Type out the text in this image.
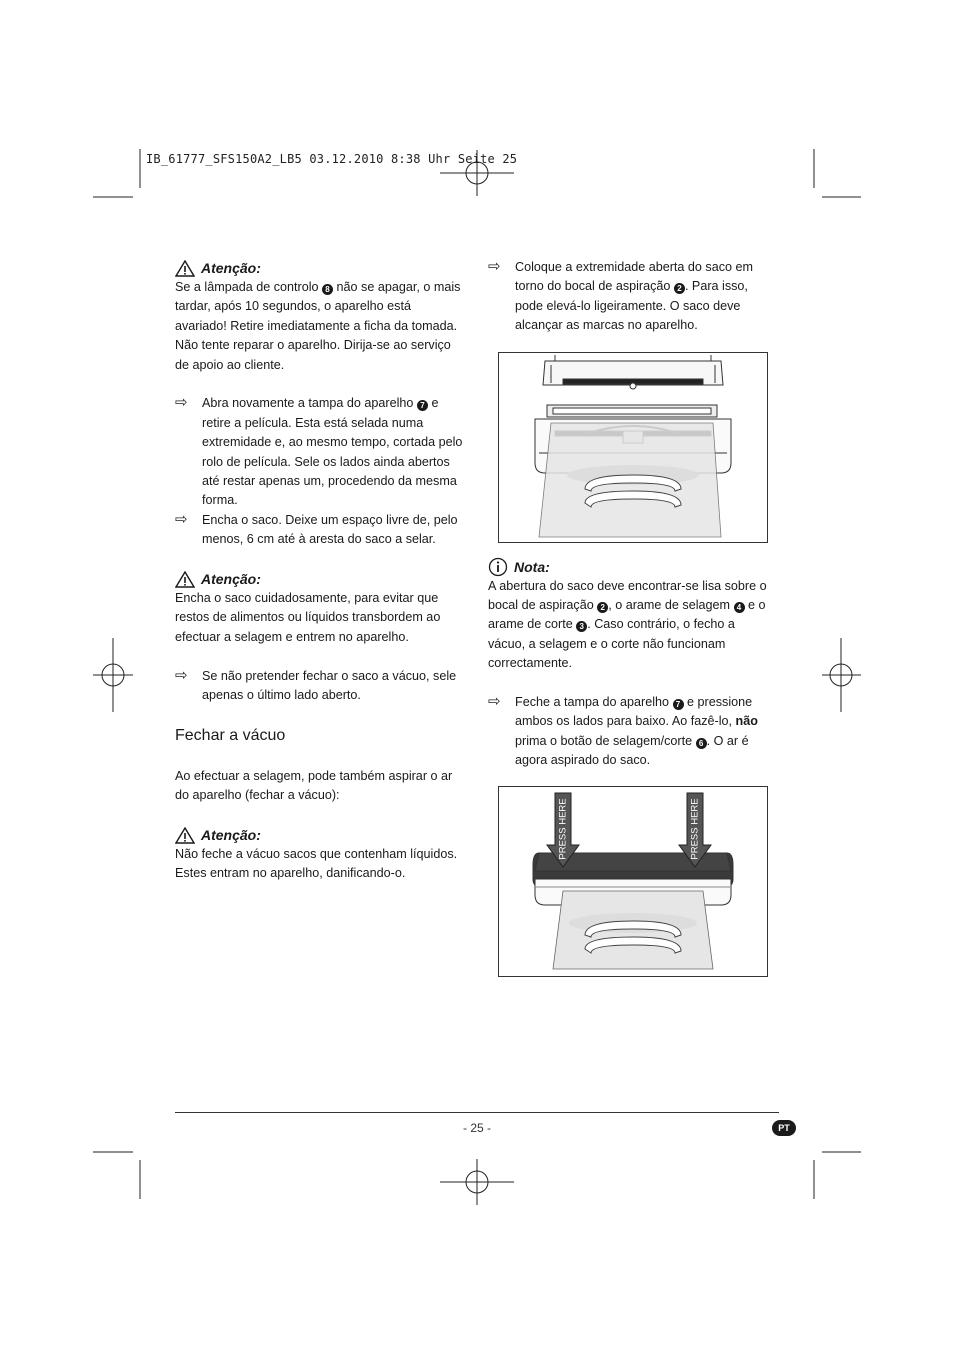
IB_61777_SFS150A2_LB5 03.12.2010 8:38 Uhr Seite 25
Atenção:

Se a lâmpada de controlo 8 não se apagar, o mais tardar, após 10 segundos, o aparelho está avariado! Retire imediatamente a ficha da tomada. Não tente reparar o aparelho. Dirija-se ao serviço de apoio ao cliente.

⇨	Abra novamente a tampa do aparelho 7 e retire a película. Esta está selada numa extremidade e, ao mesmo tempo, cortada pelo rolo de película. Sele os lados ainda abertos até restar apenas um, procedendo da mesma forma.

⇨	Encha o saco. Deixe um espaço livre de, pelo menos, 6 cm até à aresta do saco a selar.

Atenção:

Encha o saco cuidadosamente, para evitar que restos de alimentos ou líquidos transbordem ao efectuar a selagem e entrem no aparelho.

⇨	Se não pretender fechar o saco a vácuo, sele apenas o último lado aberto.

Fechar a vácuo

Ao efectuar a selagem, pode também aspirar o ar do aparelho (fechar a vácuo):

Atenção:

Não feche a vácuo sacos que contenham líquidos. Estes entram no aparelho, danificando-o.

⇨	Coloque a extremidade aberta do saco em torno do bocal de aspiração 2 . Para isso, pode elevá-lo ligeiramente. O saco deve alcançar as marcas no aparelho.

Nota:

A abertura do saco deve encontrar-se lisa sobre o bocal de aspiração 2 , o arame de selagem 4 e o arame de corte 3 . Caso contrário, o fecho a vácuo, a selagem e o corte não funcionam correctamente.

⇨	Feche a tampa do aparelho 7 e pressione ambos os lados para baixo. Ao fazê-lo, não prima o botão de selagem/corte 6 . O ar é agora aspirado do saco.

PRESS HERE	PRESS HERE
- 25 -	PT
